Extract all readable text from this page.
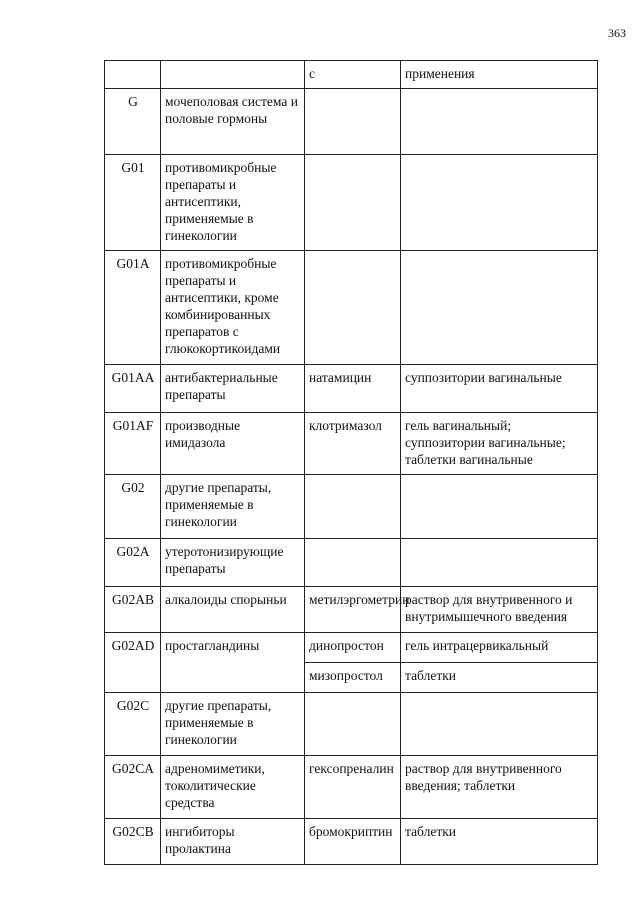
363
		с	применения
G	мочеполовая система и половые гормоны		
G01	противомикробные препараты и антисептики, применяемые в гинекологии		
G01A	противомикробные препараты и антисептики, кроме комбинированных препаратов с глюкокортикоидами		
G01AA	антибактериальные препараты	натамицин	суппозитории вагинальные
G01AF	производные имидазола	клотримазол	гель вагинальный; суппозитории вагинальные; таблетки вагинальные
G02	другие препараты, применяемые в гинекологии		
G02A	утеротонизирующие препараты		
G02AB	алкалоиды спорыньи	метилэргометрин	раствор для внутривенного и внутримышечного введения
G02AD	простагландины	динопростон	гель интрацервикальный
		мизопростол	таблетки
G02C	другие препараты, применяемые в гинекологии		
G02CA	адреномиметики, токолитические средства	гексопреналин	раствор для внутривенного введения; таблетки
G02CB	ингибиторы пролактина	бромокриптин	таблетки
